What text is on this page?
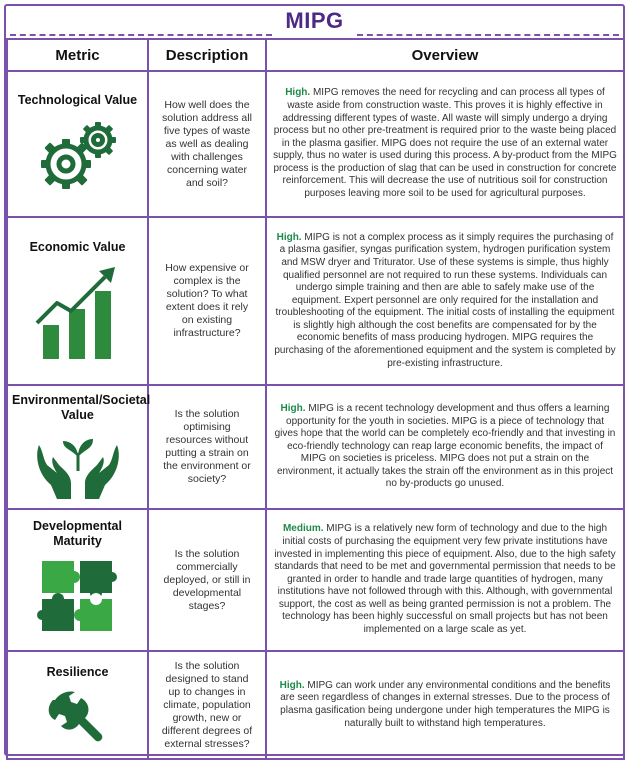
MIPG
Metric	Description	Overview

Technological Value	How well does the solution address all five types of waste as well as dealing with challenges concerning water and soil?	High. MIPG removes the need for recycling and can process all types of waste aside from construction waste. This proves it is highly effective in addressing different types of waste. All waste will simply undergo a drying process but no other pre-treatment is required prior to the waste being placed in the plasma gasifier. MIPG does not require the use of an external water supply, thus no water is used during this process. A by-product from the MIPG process is the production of slag that can be used in construction for concrete reinforcement. This will decrease the use of nutritious soil for construction purposes leaving more soil to be used for agricultural purposes.

Economic Value	How expensive or complex is the solution? To what extent does it rely on existing infrastructure?	High. MIPG is not a complex process as it simply requires the purchasing of a plasma gasifier, syngas purification system, hydrogen purification system and MSW dryer and Triturator. Use of these systems is simple, thus highly qualified personnel are not required to run these systems. Individuals can undergo simple training and then are able to safely make use of the equipment. Expert personnel are only required for the installation and troubleshooting of the equipment. The initial costs of installing the equipment is slightly high although the cost benefits are compensated for by the economic benefits of mass producing hydrogen. MIPG requires the purchasing of the aforementioned equipment and the system is completed by pre-existing infrastructure.

Environmental/Societal Value	Is the solution optimising resources without putting a strain on the environment or society?	High. MIPG is a recent technology development and thus offers a learning opportunity for the youth in societies. MIPG is a piece of technology that gives hope that the world can be completely eco-friendly and that investing in eco-friendly technology can reap large economic benefits, the impact of MIPG on societies is priceless. MIPG does not put a strain on the environment, it actually takes the strain off the environment as in this project no by-products go unused.

Developmental Maturity	Is the solution commercially deployed, or still in developmental stages?	Medium. MIPG is a relatively new form of technology and due to the high initial costs of purchasing the equipment very few private institutions have invested in implementing this piece of equipment. Also, due to the high safety standards that need to be met and governmental permission that needs to be granted in order to handle and trade large quantities of hydrogen, many institutions have not followed through with this. Although, with governmental support, the cost as well as being granted permission is not a problem. The technology has been highly successful on small projects but has not been implemented on a large scale as yet.

Resilience	Is the solution designed to stand up to changes in climate, population growth, new or different degrees of external stresses?	High. MIPG can work under any environmental conditions and the benefits are seen regardless of changes in external stresses. Due to the process of plasma gasification being undergone under high temperatures the MIPG is naturally built to withstand high temperatures.
